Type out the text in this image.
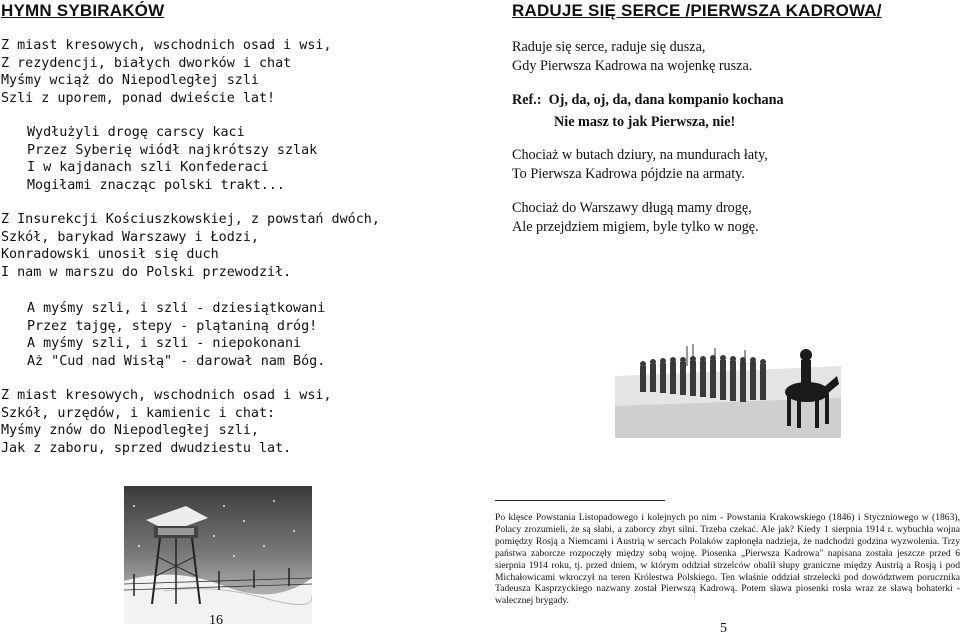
HYMN SYBIRAKÓW
Z miast kresowych, wschodnich osad i wsi,
Z rezydencji, białych dworków i chat
Myśmy wciąż do Niepodległej szli
Szli z uporem, ponad dwieście lat!
Wydłużyli drogę carscy kaci
Przez Syberię wiódł najkrótszy szlak
I w kajdanach szli Konfederaci
Mogiłami znacząc polski trakt...
Z Insurekcji Kościuszkowskiej, z powstań dwóch,
Szkół, barykad Warszawy i Łodzi,
Konradowski unosił się duch
I nam w marszu do Polski przewodził.
A myśmy szli, i szli - dziesiątkowani
Przez tajgę, stepy - plątaniną dróg!
A myśmy szli, i szli - niepokonani
Aż "Cud nad Wisłą" - darował nam Bóg.
Z miast kresowych, wschodnich osad i wsi,
Szkół, urzędów, i kamienic i chat:
Myśmy znów do Niepodległej szli,
Jak z zaboru, sprzed dwudziestu lat.
16
RADUJE SIĘ SERCE /PIERWSZA KADROWA/
Raduje się serce, raduje się dusza,
Gdy Pierwsza Kadrowa na wojenkę rusza.
Ref.:  Oj, da, oj, da, dana kompanio kochana
Nie masz to jak Pierwsza, nie!
Chociaż w butach dziury, na mundurach łaty,
To Pierwsza Kadrowa pójdzie na armaty.
Chociaż do Warszawy długą mamy drogę,
Ale przejdziem migiem, byle tylko w nogę.
Po klęsce Powstania Listopadowego i kolejnych po nim - Powstania Krakowskiego (1846) i Styczniowego w (1863), Polacy zrozumieli, że są słabi, a zaborcy zbyt silni. Trzeba czekać. Ale jak? Kiedy 1 sierpnia 1914 r. wybuchła wojna pomiędzy Rosją a Niemcami i Austrią w sercach Polaków zapłonęła nadzieja, że nadchodzi godzina wyzwolenia. Trzy państwa zaborcze rozpoczęły między sobą wojnę. Piosenka „Pierwsza Kadrowa" napisana została jeszcze przed 6 sierpnia 1914 roku, tj. przed dniem, w którym oddział strzelców obalił słupy graniczne między Austrią a Rosją i pod Michałowicami wkroczył na teren Królestwa Polskiego. Ten właśnie oddział strzelecki pod dowództwem porucznika Tadeusza Kasprzyckiego nazwany został Pierwszą Kadrową. Potem sława piosenki rosła wraz ze sławą bohaterki - walecznej brygady.
5
